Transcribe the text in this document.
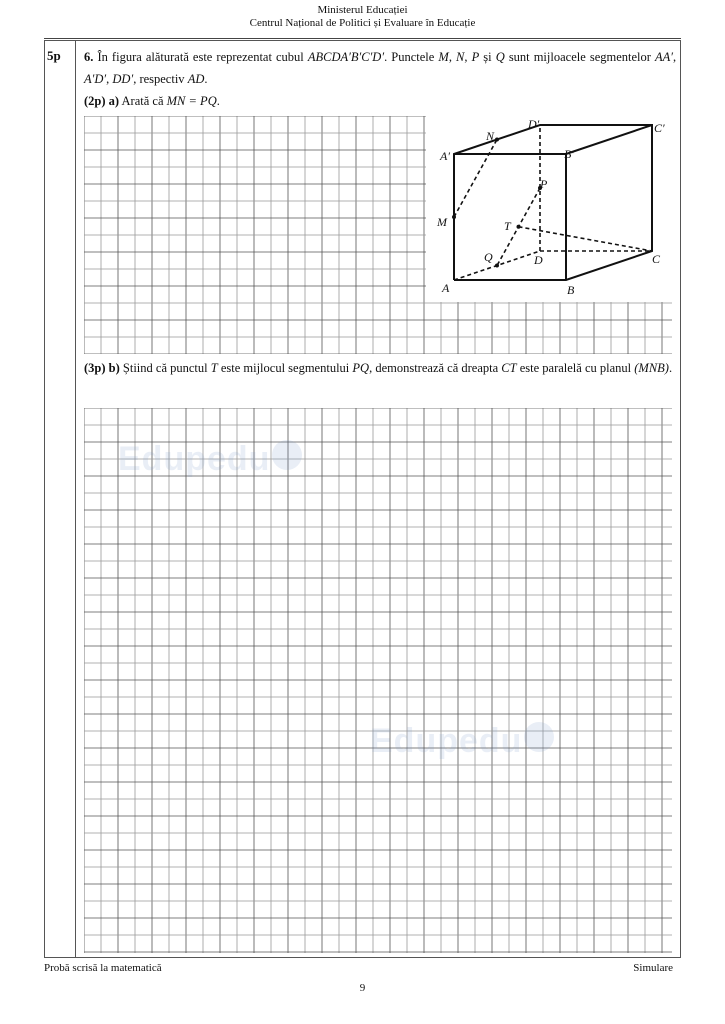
Ministerul Educației
Centrul Național de Politici și Evaluare în Educație
5p 6. În figura alăturată este reprezentat cubul ABCDA′B′C′D′. Punctele M, N, P și Q sunt mijloacele segmentelor AA′, A′D′, DD′, respectiv AD.
(2p) a) Arată că MN = PQ.
A	B
C
D
A′	B′
C′
D′
M
N
P
Q
T
(3p) b) Știind că punctul T este mijlocul segmentului PQ, demonstrează că dreapta CT este paralelă cu planul (MNB).
Edupedu
Edupedu
Probă scrisă la matematică	Simulare
9
